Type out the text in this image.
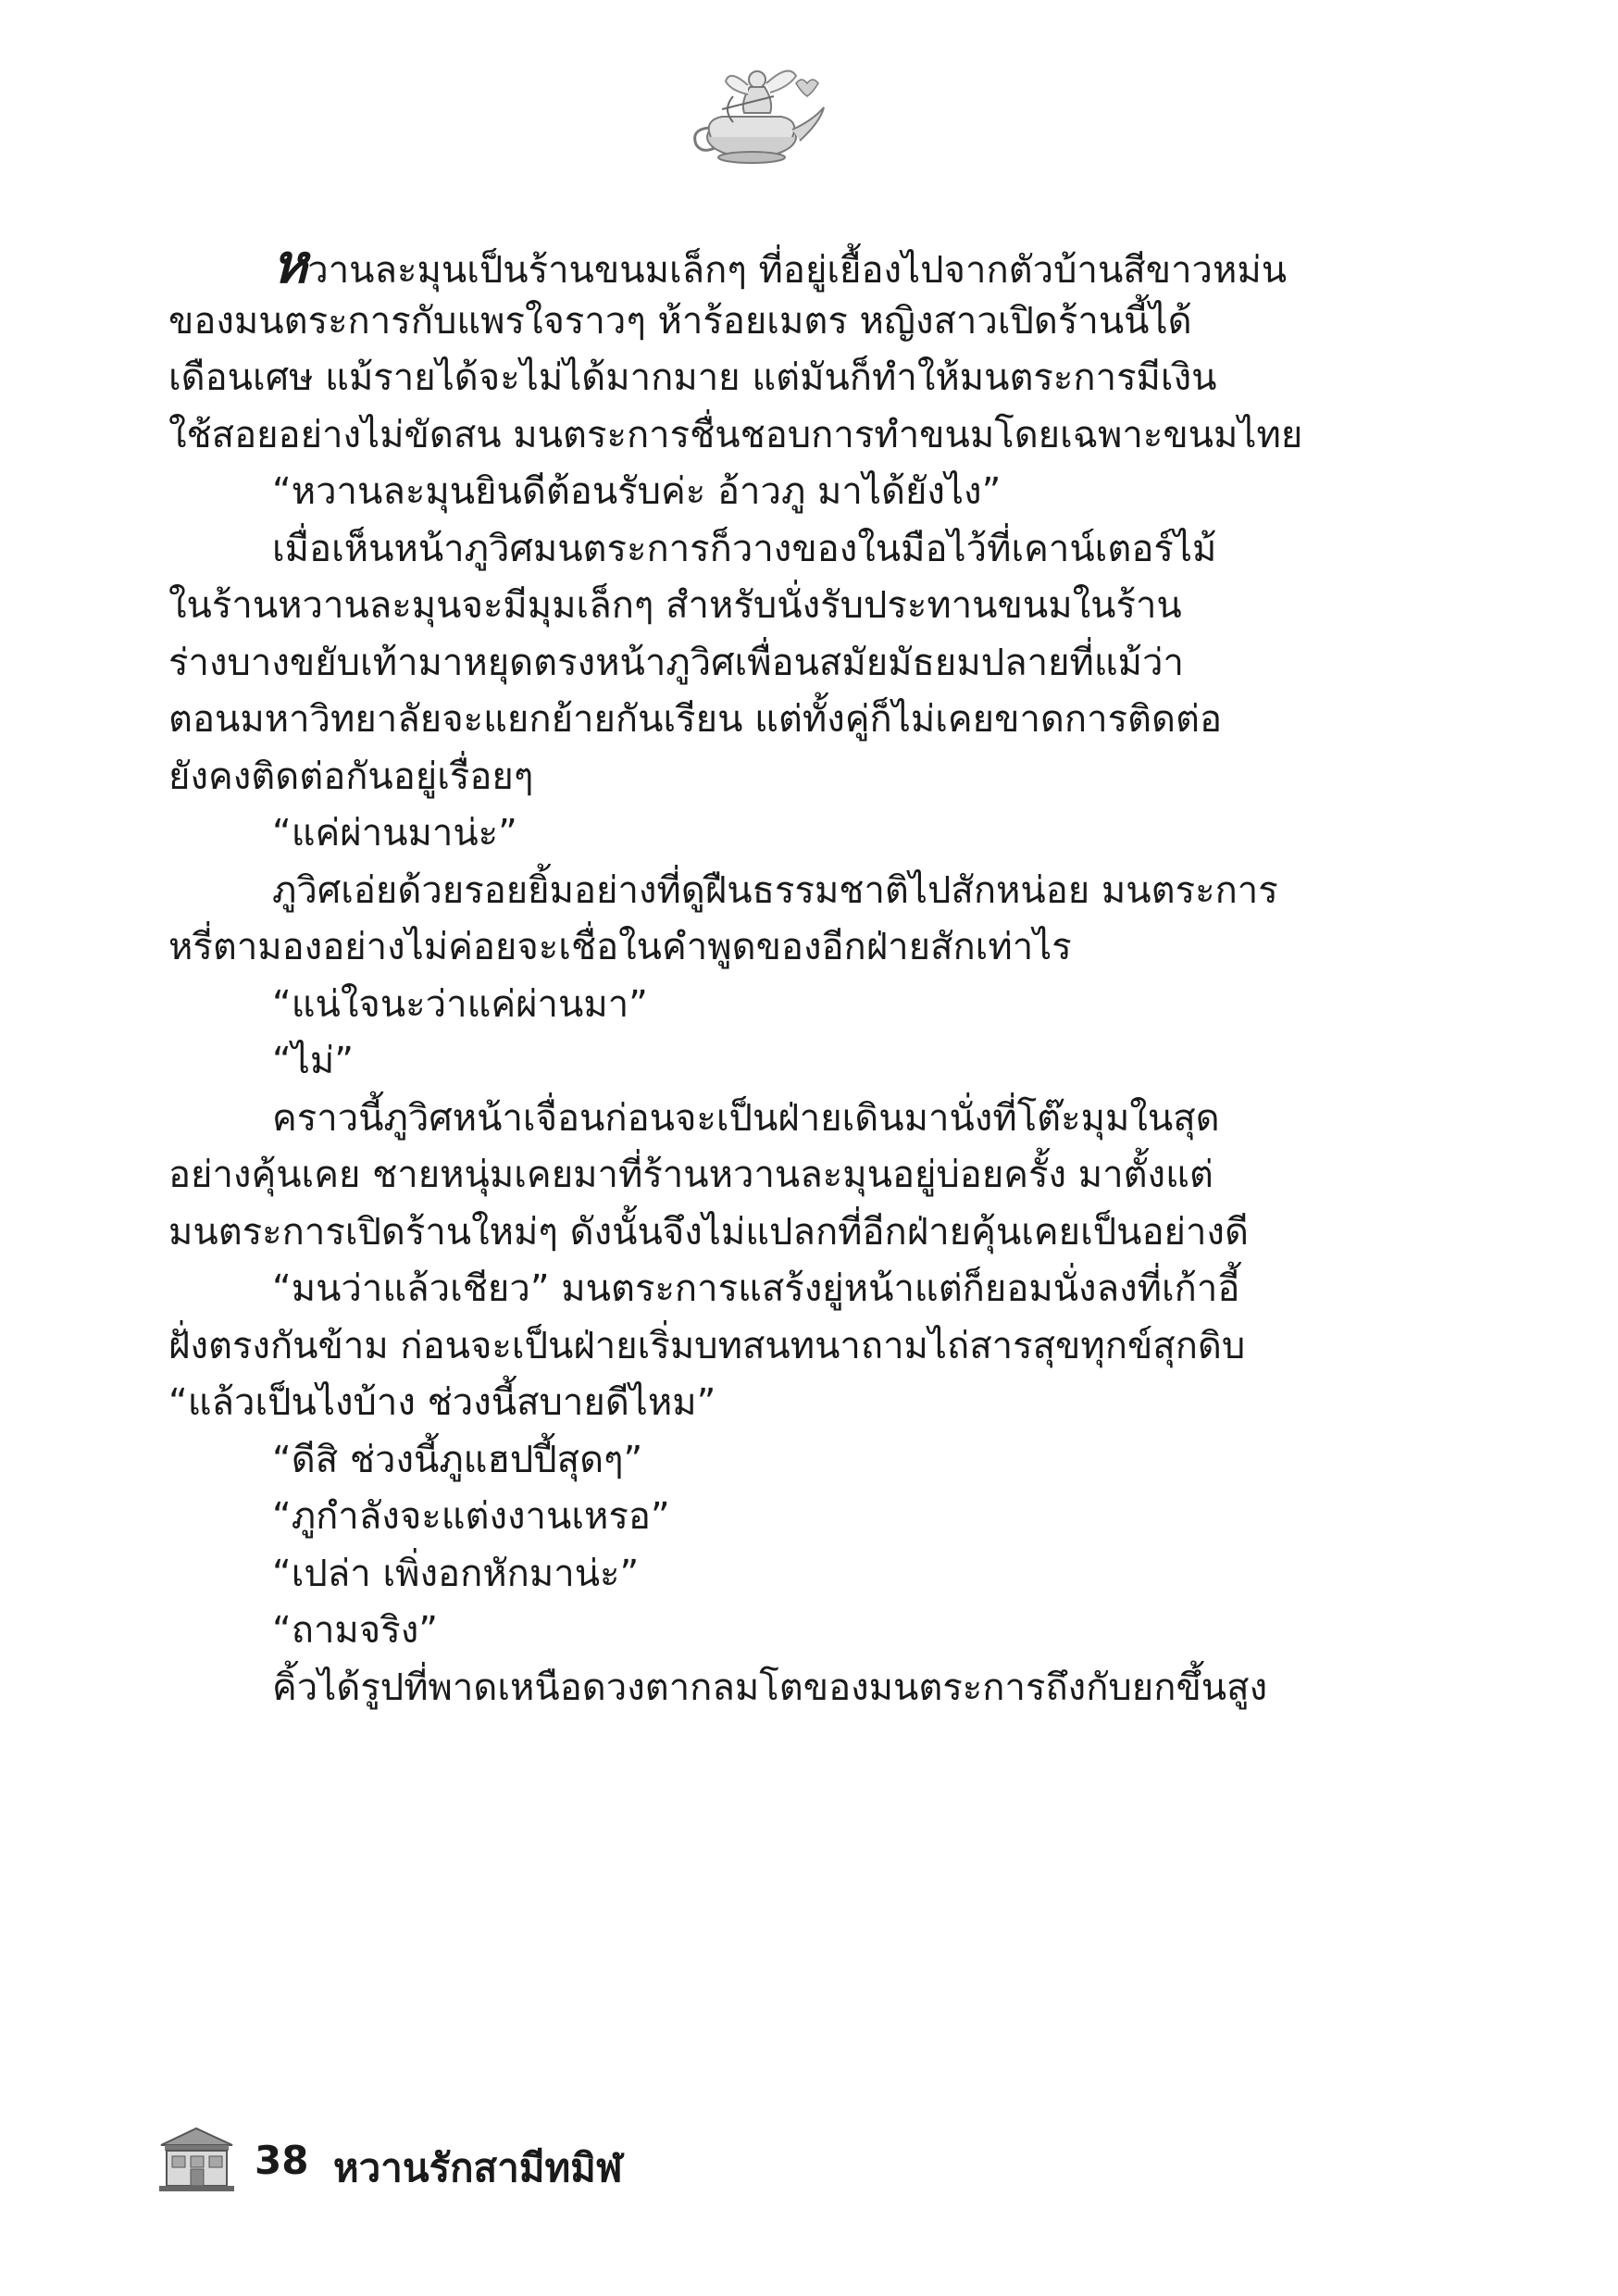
หวานละมุนเป็นร้านขนมเล็กๆ ที่อยู่เยื้องไปจากตัวบ้านสีขาวหม่น
ของมนตระการกับแพรใจราวๆ ห้าร้อยเมตร หญิงสาวเปิดร้านนี้ได้
เดือนเศษ แม้รายได้จะไม่ได้มากมาย แต่มันก็ทำให้มนตระการมีเงิน
ใช้สอยอย่างไม่ขัดสน มนตระการชื่นชอบการทำขนมโดยเฉพาะขนมไทย
“หวานละมุนยินดีต้อนรับค่ะ อ้าวภู มาได้ยังไง”
เมื่อเห็นหน้าภูวิศมนตระการก็วางของในมือไว้ที่เคาน์เตอร์ไม้
ในร้านหวานละมุนจะมีมุมเล็กๆ สำหรับนั่งรับประทานขนมในร้าน
ร่างบางขยับเท้ามาหยุดตรงหน้าภูวิศเพื่อนสมัยมัธยมปลายที่แม้ว่า
ตอนมหาวิทยาลัยจะแยกย้ายกันเรียน แต่ทั้งคู่ก็ไม่เคยขาดการติดต่อ
ยังคงติดต่อกันอยู่เรื่อยๆ
“แค่ผ่านมาน่ะ”
ภูวิศเอ่ยด้วยรอยยิ้มอย่างที่ดูฝืนธรรมชาติไปสักหน่อย มนตระการ
หรี่ตามองอย่างไม่ค่อยจะเชื่อในคำพูดของอีกฝ่ายสักเท่าไร
“แน่ใจนะว่าแค่ผ่านมา”
“ไม่”
คราวนี้ภูวิศหน้าเจื่อนก่อนจะเป็นฝ่ายเดินมานั่งที่โต๊ะมุมในสุด
อย่างคุ้นเคย ชายหนุ่มเคยมาที่ร้านหวานละมุนอยู่บ่อยครั้ง มาตั้งแต่
มนตระการเปิดร้านใหม่ๆ ดังนั้นจึงไม่แปลกที่อีกฝ่ายคุ้นเคยเป็นอย่างดี
“มนว่าแล้วเชียว” มนตระการแสร้งยู่หน้าแต่ก็ยอมนั่งลงที่เก้าอี้
ฝั่งตรงกันข้าม ก่อนจะเป็นฝ่ายเริ่มบทสนทนาถามไถ่สารสุขทุกข์สุกดิบ
“แล้วเป็นไงบ้าง ช่วงนี้สบายดีไหม”
“ดีสิ ช่วงนี้ภูแฮปปี้สุดๆ”
“ภูกำลังจะแต่งงานเหรอ”
“เปล่า เพิ่งอกหักมาน่ะ”
“ถามจริง”
คิ้วได้รูปที่พาดเหนือดวงตากลมโตของมนตระการถึงกับยกขึ้นสูง
38 หวานรักสามีทมิฬ
